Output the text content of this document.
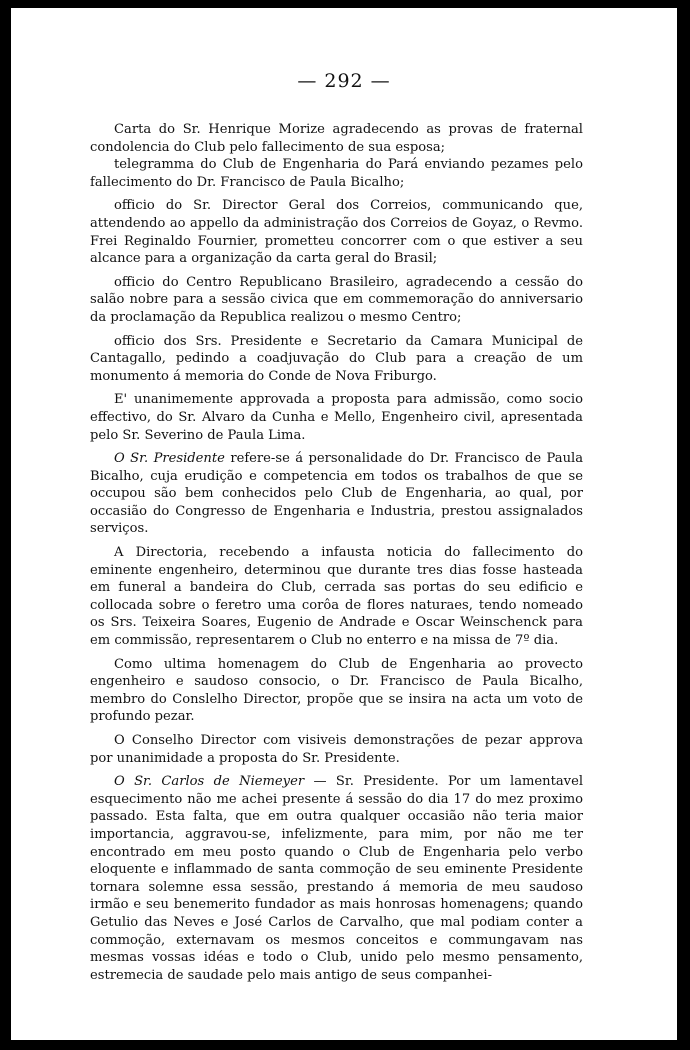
— 292 —

Carta do Sr. Henrique Morize agradecendo as provas de fraternal condolencia do Club pelo fallecimento de sua esposa;

telegramma do Club de Engenharia do Pará enviando pezames pelo fallecimento do Dr. Francisco de Paula Bicalho;

officio do Sr. Director Geral dos Correios, communicando que, attendendo ao appello da administração dos Correios de Goyaz, o Revmo. Frei Reginaldo Fournier, prometteu concorrer com o que estiver a seu alcance para a organização da carta geral do Brasil;

officio do Centro Republicano Brasileiro, agradecendo a cessão do salão nobre para a sessão civica que em commemoração do anniversario da proclamação da Republica realizou o mesmo Centro;

officio dos Srs. Presidente e Secretario da Camara Municipal de Cantagallo, pedindo a coadjuvação do Club para a creação de um monumento á memoria do Conde de Nova Friburgo.

E' unanimemente approvada a proposta para admissão, como socio effectivo, do Sr. Alvaro da Cunha e Mello, Engenheiro civil, apresentada pelo Sr. Severino de Paula Lima.

O Sr. Presidente refere-se á personalidade do Dr. Francisco de Paula Bicalho, cuja erudição e competencia em todos os trabalhos de que se occupou são bem conhecidos pelo Club de Engenharia, ao qual, por occasião do Congresso de Engenharia e Industria, prestou assignalados serviços.

A Directoria, recebendo a infausta noticia do fallecimento do eminente engenheiro, determinou que durante tres dias fosse hasteada em funeral a bandeira do Club, cerrada sas portas do seu edificio e collocada sobre o feretro uma corôa de flores naturaes, tendo nomeado os Srs. Teixeira Soares, Eugenio de Andrade e Oscar Weinschenck para em commissão, representarem o Club no enterro e na missa de 7º dia.

Como ultima homenagem do Club de Engenharia ao provecto engenheiro e saudoso consocio, o Dr. Francisco de Paula Bicalho, membro do Conslelho Director, propõe que se insira na acta um voto de profundo pezar.

O Conselho Director com visiveis demonstrações de pezar approva por unanimidade a proposta do Sr. Presidente.

O Sr. Carlos de Niemeyer — Sr. Presidente. Por um lamentavel esquecimento não me achei presente á sessão do dia 17 do mez proximo passado. Esta falta, que em outra qualquer occasião não teria maior importancia, aggravou-se, infelizmente, para mim, por não me ter encontrado em meu posto quando o Club de Engenharia pelo verbo eloquente e inflammado de santa commoção de seu eminente Presidente tornara solemne essa sessão, prestando á memoria de meu saudoso irmão e seu benemerito fundador as mais honrosas homenagens; quando Getulio das Neves e José Carlos de Carvalho, que mal podiam conter a commoção, externavam os mesmos conceitos e commungavam nas mesmas vossas idéas e todo o Club, unido pelo mesmo pensamento, estremecia de saudade pelo mais antigo de seus companhei-
